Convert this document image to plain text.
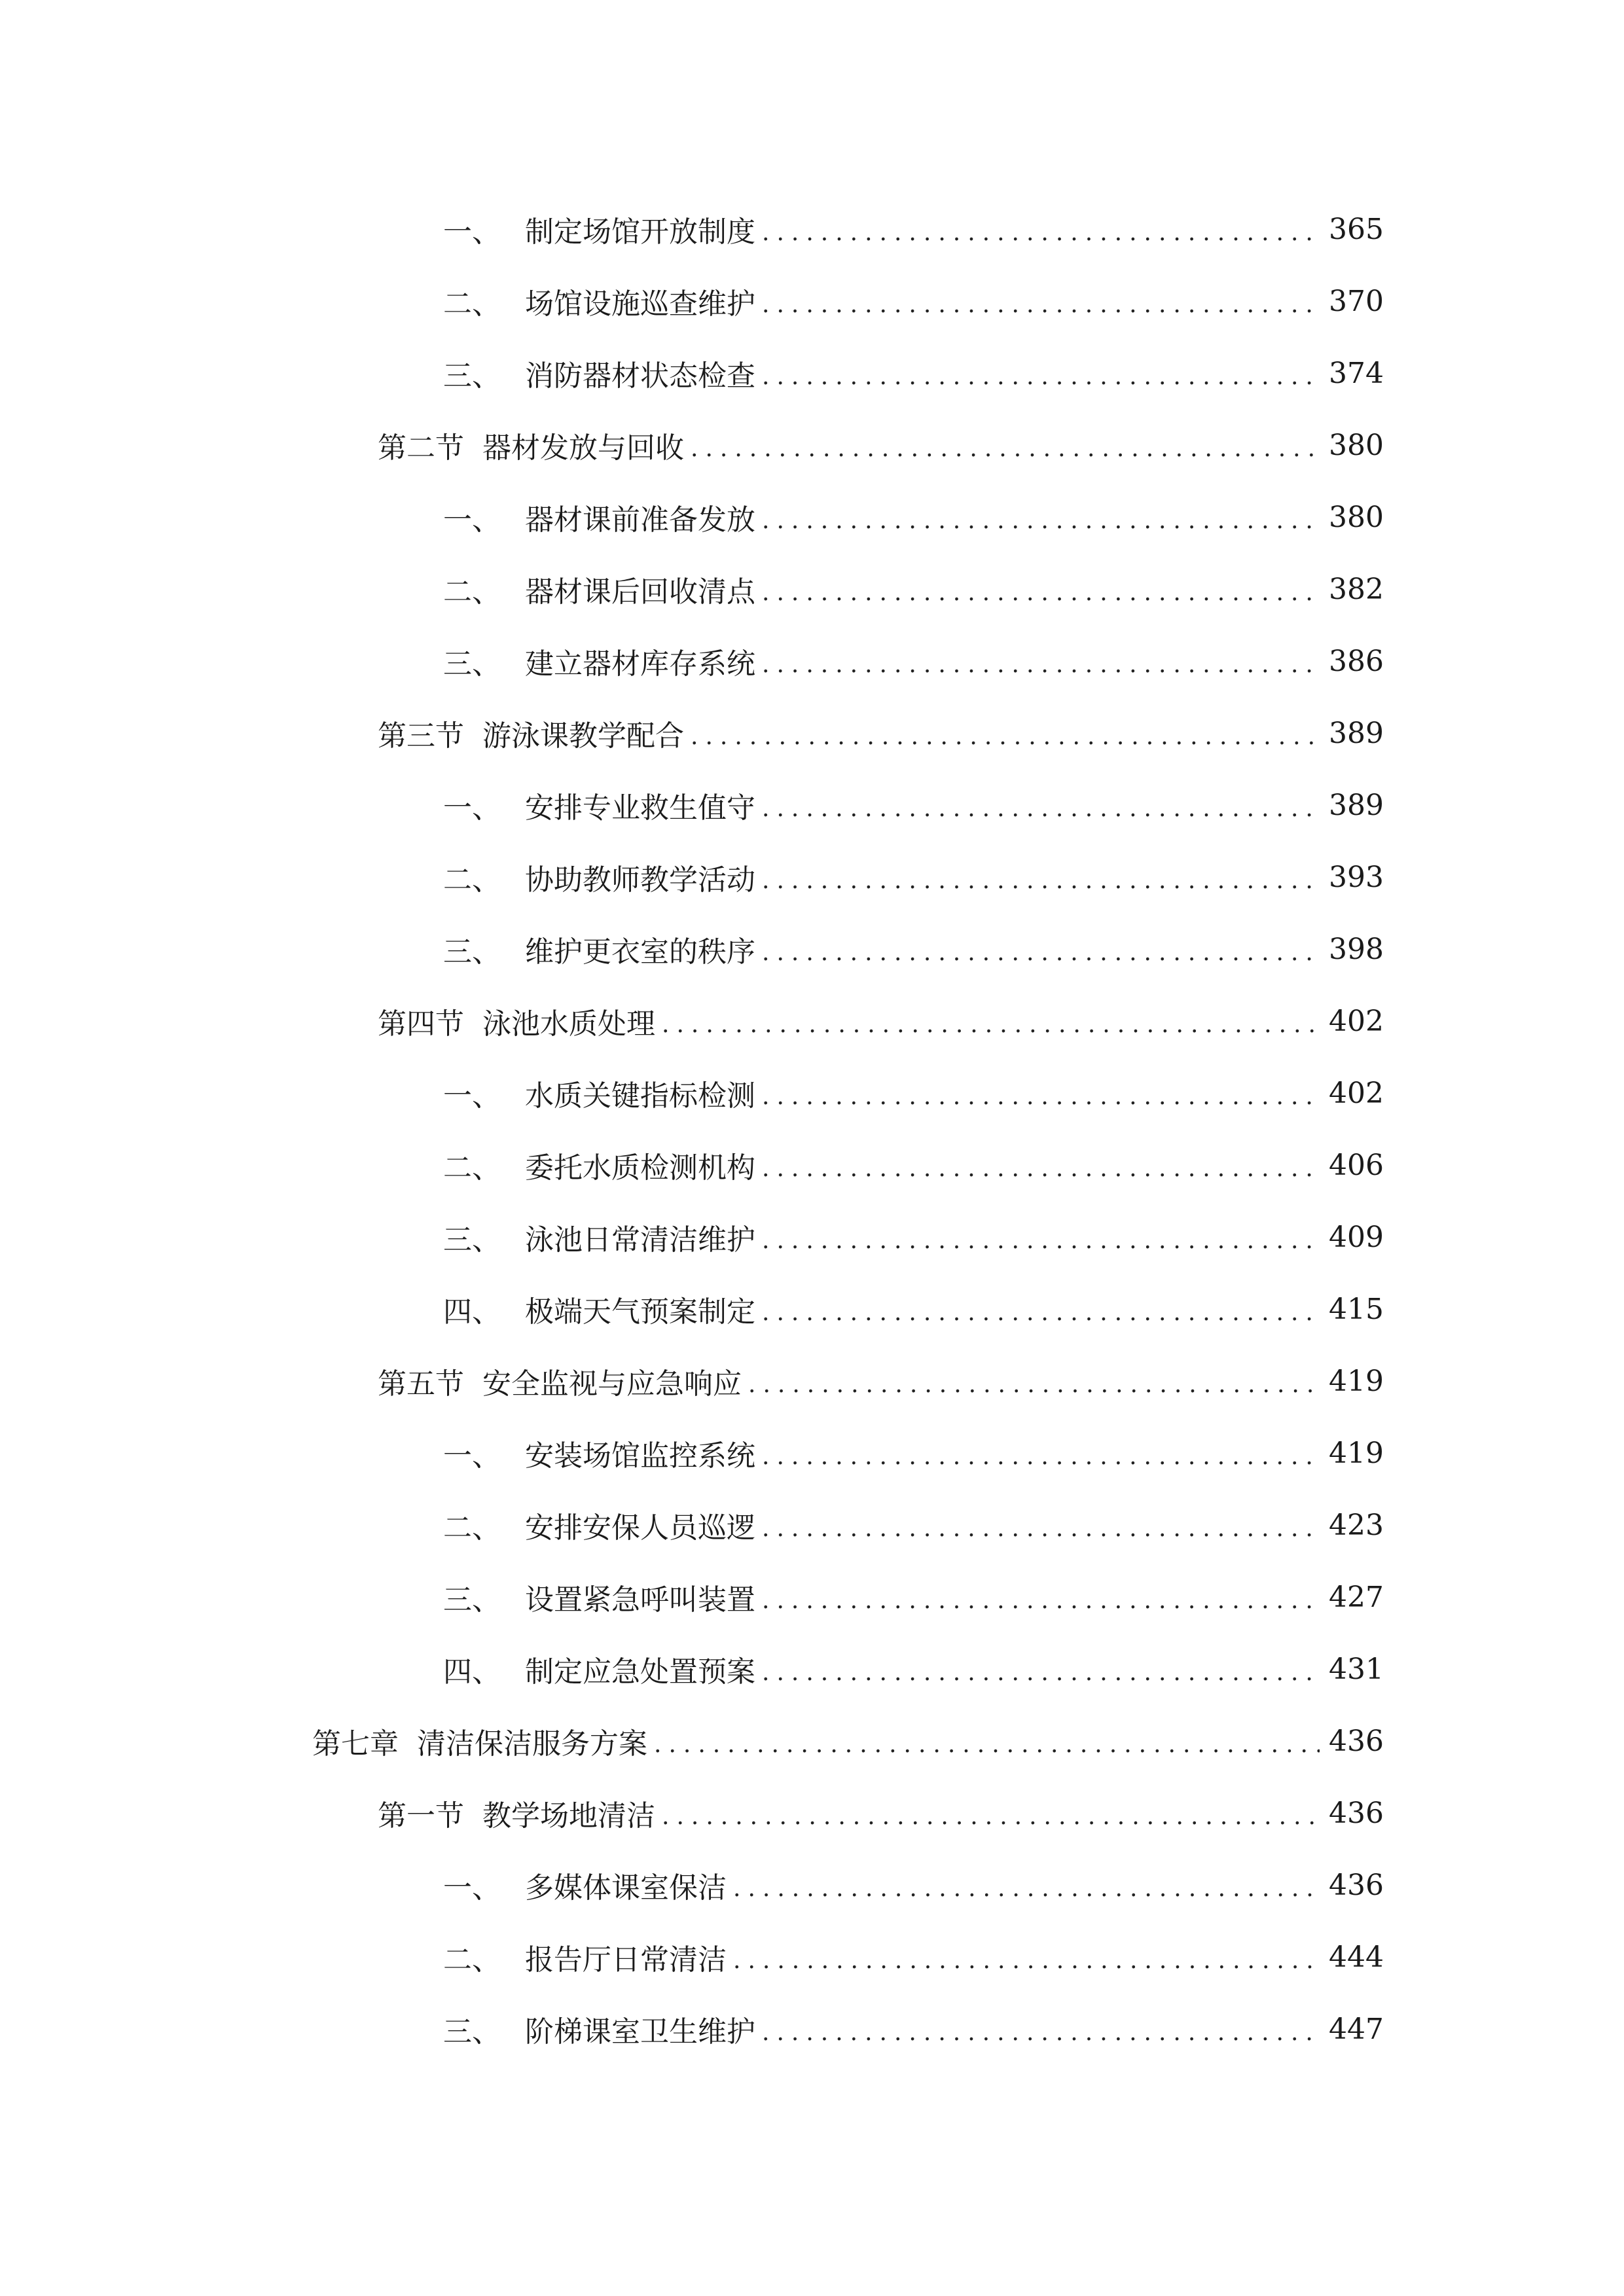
一、 制定场馆开放制度 .....	365
二、 场馆设施巡查维护 .....	370
三、 消防器材状态检查 .....	374
第二节 器材发放与回收 .....	380
一、 器材课前准备发放 .....	380
二、 器材课后回收清点 .....	382
三、 建立器材库存系统 .....	386
第三节 游泳课教学配合 .....	389
一、 安排专业救生值守 .....	389
二、 协助教师教学活动 .....	393
三、 维护更衣室的秩序 .....	398
第四节 泳池水质处理 .....	402
一、 水质关键指标检测 .....	402
二、 委托水质检测机构 .....	406
三、 泳池日常清洁维护 .....	409
四、 极端天气预案制定 .....	415
第五节 安全监视与应急响应 .....	419
一、 安装场馆监控系统 .....	419
二、 安排安保人员巡逻 .....	423
三、 设置紧急呼叫装置 .....	427
四、 制定应急处置预案 .....	431
第七章 清洁保洁服务方案 .....	436
第一节 教学场地清洁 .....	436
一、 多媒体课室保洁 .....	436
二、 报告厅日常清洁 .....	444
三、 阶梯课室卫生维护 .....	447
